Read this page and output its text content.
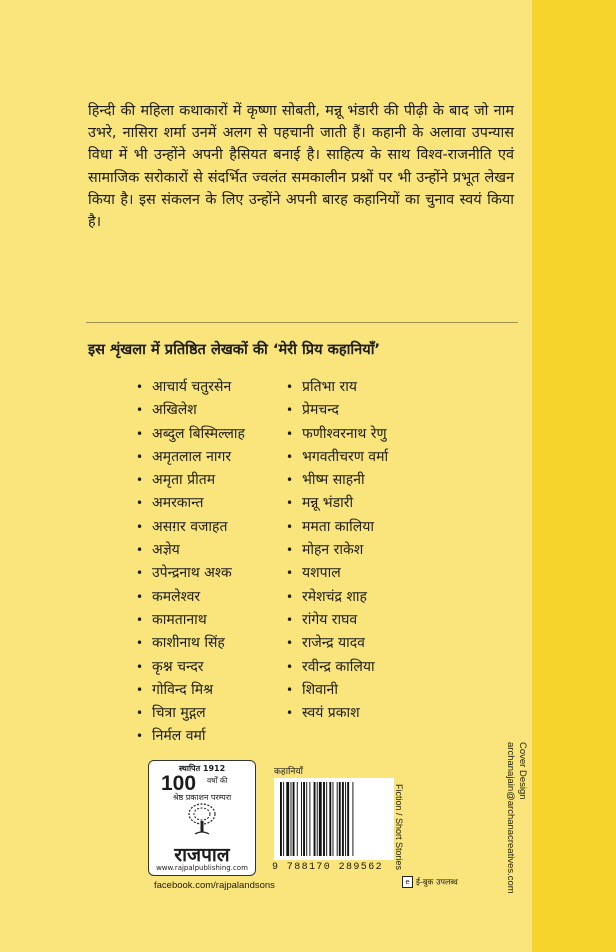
हिन्दी की महिला कथाकारों में कृष्णा सोबती, मन्नू भंडारी की पीढ़ी के बाद जो नाम उभरे, नासिरा शर्मा उनमें अलग से पहचानी जाती हैं। कहानी के अलावा उपन्यास विधा में भी उन्होंने अपनी हैसियत बनाई है। साहित्य के साथ विश्व-राजनीति एवं सामाजिक सरोकारों से संदर्भित ज्वलंत समकालीन प्रश्नों पर भी उन्होंने प्रभूत लेखन किया है। इस संकलन के लिए उन्होंने अपनी बारह कहानियों का चुनाव स्वयं किया है।

इस शृंखला में प्रतिष्ठित लेखकों की ‘मेरी प्रिय कहानियाँ’
• आचार्य चतुरसेन
• अखिलेश
• अब्दुल बिस्मिल्लाह
• अमृतलाल नागर
• अमृता प्रीतम
• अमरकान्त
• असग़र वजाहत
• अज्ञेय
• उपेन्द्रनाथ अश्क
• कमलेश्वर
• कामतानाथ
• काशीनाथ सिंह
• कृश्न चन्दर
• गोविन्द मिश्र
• चित्रा मुद्गल
• निर्मल वर्मा
• प्रतिभा राय
• प्रेमचन्द
• फणीश्वरनाथ रेणु
• भगवतीचरण वर्मा
• भीष्म साहनी
• मन्नू भंडारी
• ममता कालिया
• मोहन राकेश
• यशपाल
• रमेशचंद्र शाह
• रांगेय राघव
• राजेन्द्र यादव
• रवीन्द्र कालिया
• शिवानी
• स्वयं प्रकाश
Cover Design
archanajain@archanacreatives.com
स्थापित 1912
100 वर्षों की
श्रेष्ठ प्रकाशन परम्परा
राजपाल
www.rajpalpublishing.com
facebook.com/rajpalandsons
कहानियाँ
9 788170 289562	Fiction / Short Stories
e ई-बुक उपलब्ध
